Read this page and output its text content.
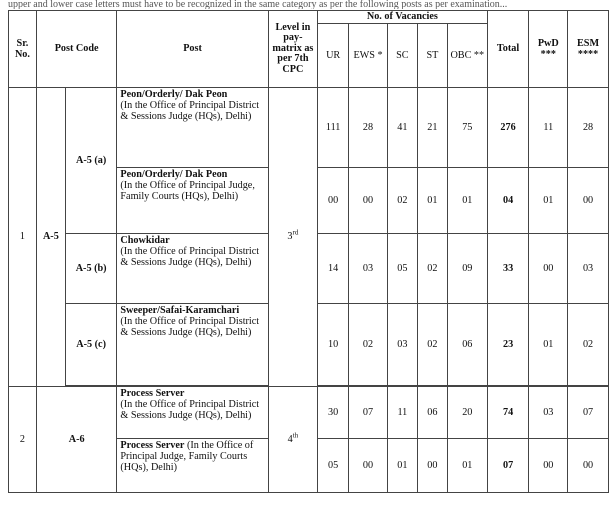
upper and lower case letters must have to be recognized in the same category as per the following posts as per examination...
Sr. No.	Post Code		Post	Level in pay-matrix as per 7th CPC	No. of Vacancies					Total	PwD ***	ESM ****
					UR	EWS *	SC	ST	OBC **			
1	A-5	A-5 (a)	Peon/Orderly/ Dak Peon
(In the Office of Principal District & Sessions Judge (HQs), Delhi)	3rd	111	28	41	21	75	276	11	28

			Peon/Orderly/ Dak Peon
(In the Office of Principal Judge, Family Courts (HQs), Delhi)		00	00	02	01	01	04	01	00
		A-5 (b)	Chowkidar
(In the Office of Principal District & Sessions Judge (HQs), Delhi)		14	03	05	02	09	33	00	03
		A-5 (c)	Sweeper/Safai-Karamchari
(In the Office of Principal District & Sessions Judge (HQs), Delhi)		10	02	03	02	06	23	01	02

2	A-6		Process Server
(In the Office of Principal District & Sessions Judge (HQs), Delhi)	4th	30	07	11	06	20	74	03	07
			Process Server (In the Office of Principal Judge, Family Courts (HQs), Delhi)		05	00	01	00	01	07	00	00
